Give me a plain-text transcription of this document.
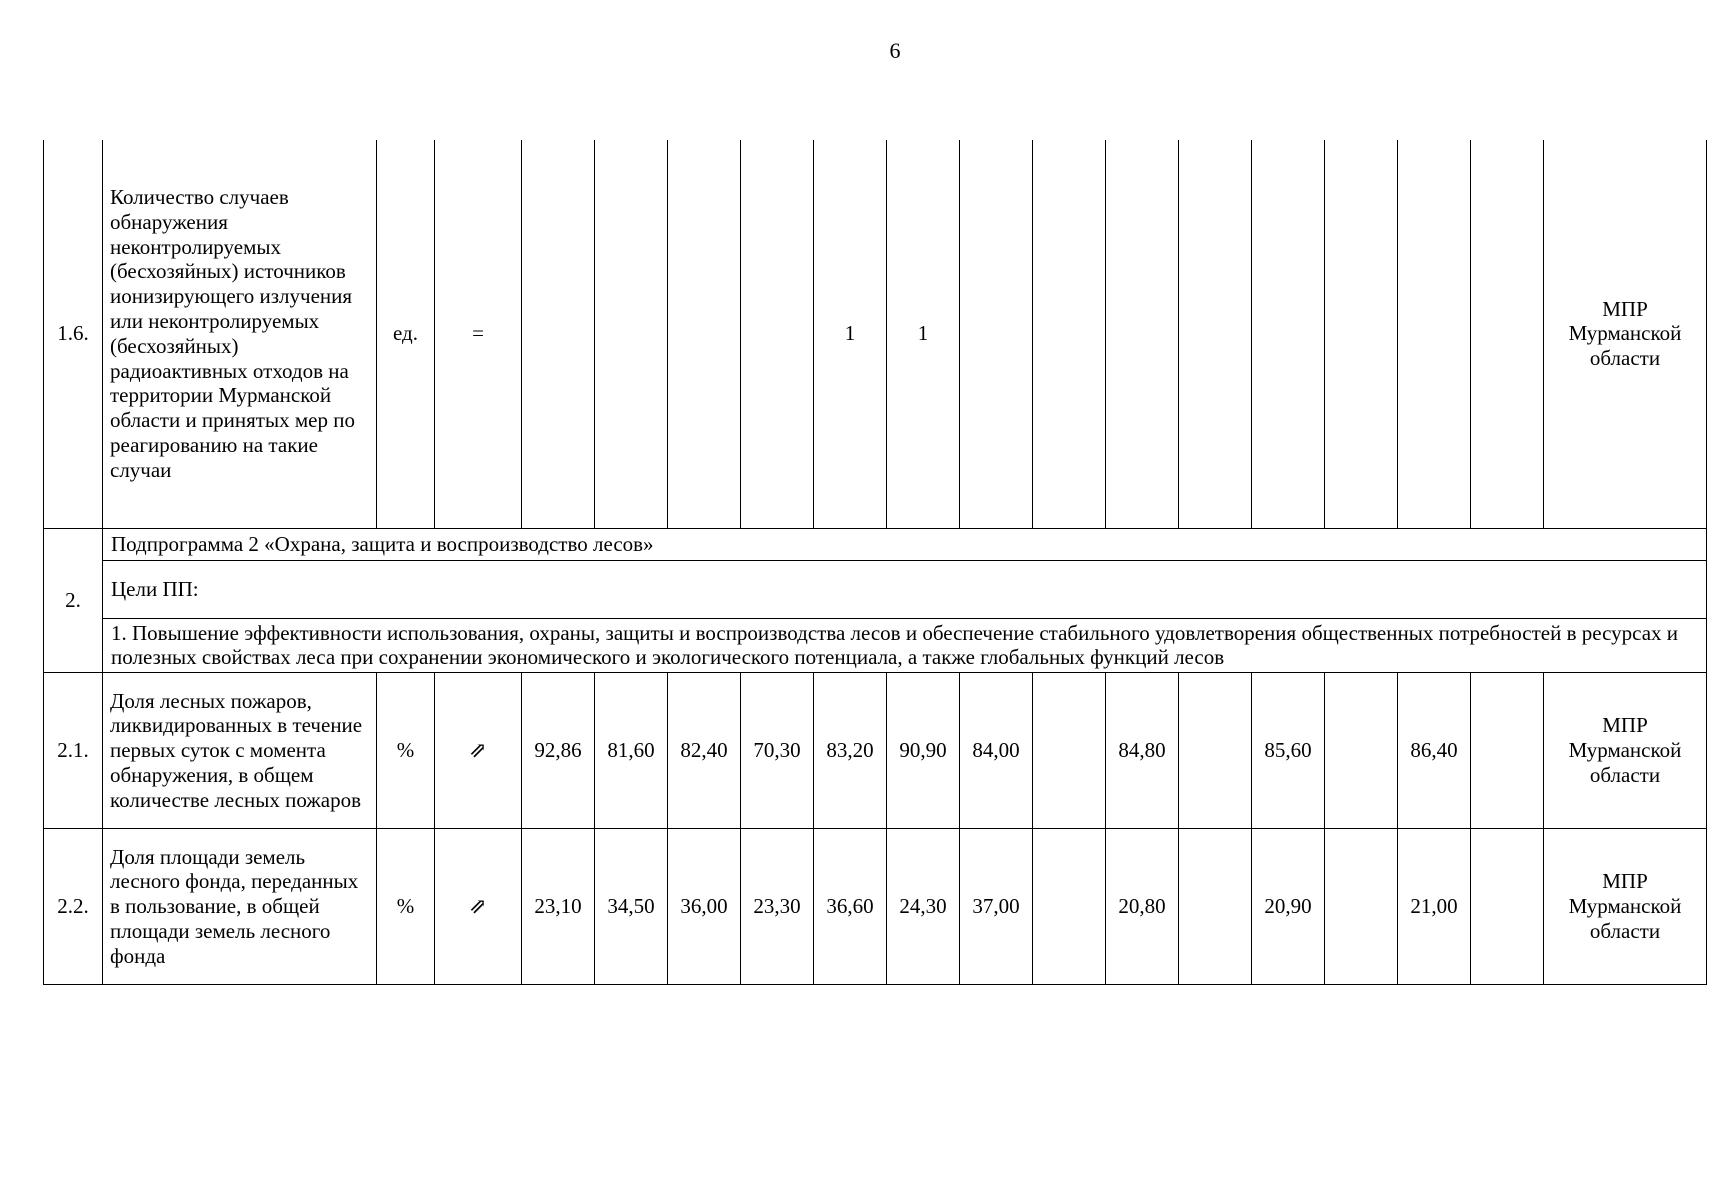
6
1.6.	Количество случаев обнаружения неконтролируемых (бесхозяйных) источников ионизирующего излучения или неконтролируемых (бесхозяйных) радиоактивных отходов на территории Мурманской области и принятых мер по реагированию на такие случаи	ед.	=					1	1									МПР Мурманской области
2.	Подпрограмма 2 «Охрана, защита и воспроизводство лесов»																	
	Цели ПП:																	
	1. Повышение эффективности использования, охраны, защиты и воспроизводства лесов и обеспечение стабильного удовлетворения общественных потребностей в ресурсах и полезных свойствах леса при сохранении экономического и экологического потенциала, а также глобальных функций лесов																	
2.1.	Доля лесных пожаров, ликвидированных в течение первых суток с момента обнаружения, в общем количестве лесных пожаров	%	⇗	92,86	81,60	82,40	70,30	83,20	90,90	84,00		84,80		85,60		86,40		МПР Мурманской области
2.2.	Доля площади земель лесного фонда, переданных в пользование, в общей площади земель лесного фонда	%	⇗	23,10	34,50	36,00	23,30	36,60	24,30	37,00		20,80		20,90		21,00		МПР Мурманской области
